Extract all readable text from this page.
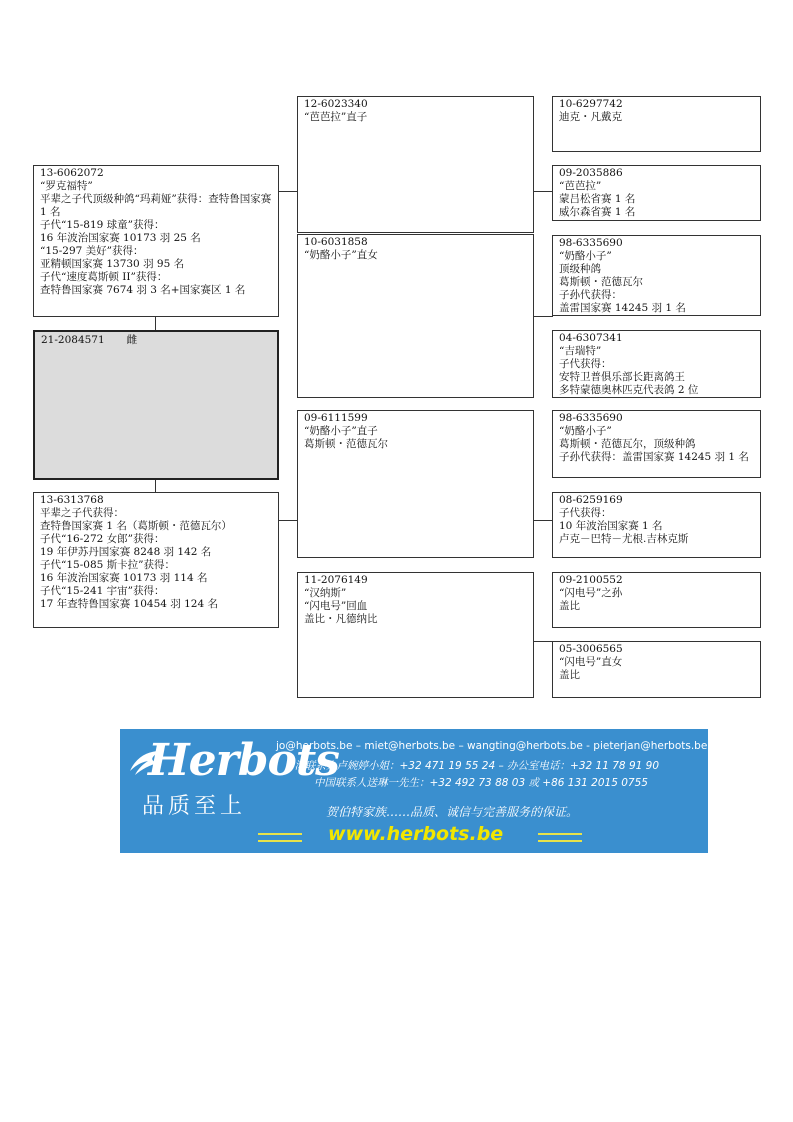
13-6062072
“罗克福特”
平辈之子代顶级种鸽“玛莉娅”获得：查特鲁国家赛 1 名
子代“15-819 球童”获得：
16 年波治国家赛 10173 羽 25 名
“15-297 美好”获得：
亚精顿国家赛 13730 羽 95 名
子代“速度葛斯顿 II”获得：
查特鲁国家赛 7674 羽 3 名+国家赛区 1 名
21-2084571 雌
13-6313768
平辈之子代获得：
查特鲁国家赛 1 名（葛斯顿・范德瓦尔）
子代“16-272 女郎”获得：
19 年伊苏丹国家赛 8248 羽 142 名
子代“15-085 斯卡拉”获得：
16 年波治国家赛 10173 羽 114 名
子代“15-241 宇宙”获得：
17 年查特鲁国家赛 10454 羽 124 名
12-6023340
“芭芭拉”直子
10-6031858
“奶酪小子”直女
09-6111599
“奶酪小子”直子
葛斯顿・范德瓦尔
11-2076149
“汉纳斯”
“闪电号”回血
盖比・凡德纳比
10-6297742
迪克・凡戴克
09-2035886
“芭芭拉”
蒙吕松省赛 1 名
威尔森省赛 1 名
98-6335690
“奶酪小子”
顶级种鸽
葛斯顿・范德瓦尔
子孙代获得：
盖雷国家赛 14245 羽 1 名
04-6307341
“吉瑞特”
子代获得：
安特卫普俱乐部长距离鸽王
多特蒙德奥林匹克代表鸽 2 位
98-6335690
“奶酪小子”
葛斯顿・范德瓦尔，顶级种鸽
子孙代获得：盖雷国家赛 14245 羽 1 名
08-6259169
子代获得：
10 年波治国家赛 1 名
卢克－巴特－尤根.吉林克斯
09-2100552
“闪电号”之孙
盖比
05-3006565
“闪电号”直女
盖比
Herbots
品质至上
jo@herbots.be – miet@herbots.be – wangting@herbots.be - pieterjan@herbots.be
台湾联系人卢婉婷小姐：+32 471 19 55 24 – 办公室电话：+32 11 78 91 90
中国联系人送琳一先生：+32 492 73 88 03 或 +86 131 2015 0755
贺伯特家族……品质、诚信与完善服务的保证。
www.herbots.be
